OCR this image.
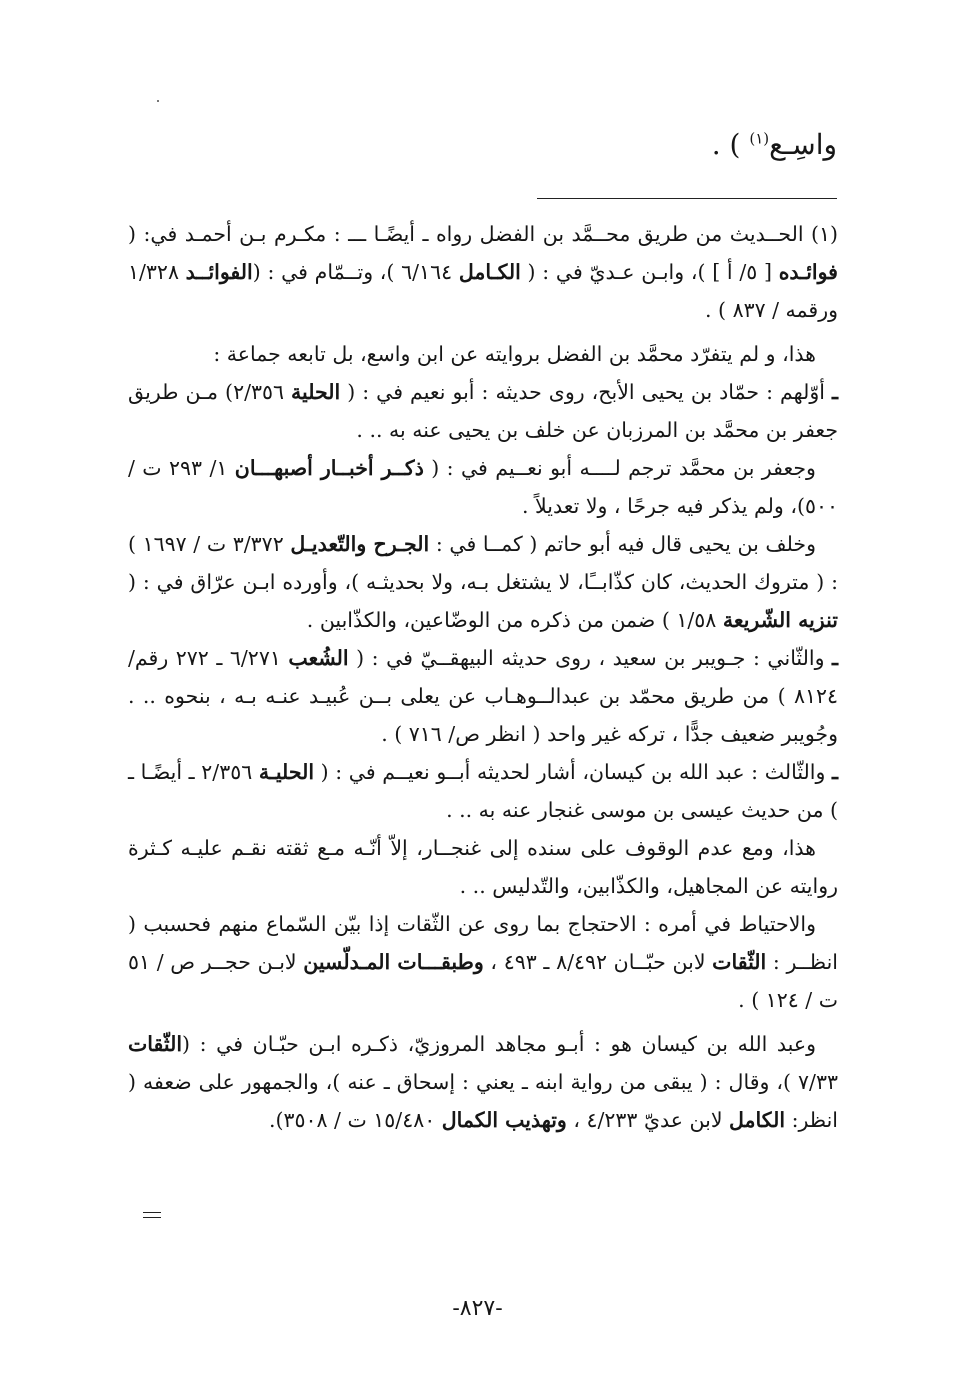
واسِـع$^{(١)}$ ) .

(١) الحــديث من طريق محــمَّد بن الفضل رواه ـ أيضًـا ـــ : مكـرم بـن أحمـد في: ( فوائـده [ ٥/ أ ] )، وابـن عـديّ في : ( الكـامل ٦/١٦٤ )، وتــمّام في : (الفوائــد ١/٣٢٨ ورقمه / ٨٣٧ ) .

هذا، و لم يتفرّد محمَّد بن الفضل بروايته عن ابن واسع، بل تابعه جماعة :

ـ أوّلهم : حمّاد بن يحيى الأبح، روى حديثه : أبو نعيم في : ( الحلية ٢/٣٥٦) مـن طريق جعفر بن محمَّد بن المرزبان عن خلف بن يحيى عنه به .. .

وجعفر بن محمَّد ترجم لــــه أبو نعــيم في : ( ذكــر أخبــار أصبهـــان ١/ ٢٩٣ ت / ٥٠٠)، ولم يذكر فيه جرحًا ، ولا تعديلاً .

وخلف بن يحيى قال فيه أبو حاتم ( كمــا في : الجـرح والتّعديـل ٣/٣٧٢ ت / ١٦٩٧ ) : ( متروك الحديث، كان كذّابــًا، لا يشتغل بـه، ولا بحديثـه )، وأورده ابـن عرّاق في : ( تنزيه الشّريعة ١/٥٨ ) ضمن من ذكره من الوضّاعين، والكذّابين .

ـ والثّاني : جـويبر بن سعيد ، روى حديثه البيهقــيّ في : ( الشُعب ٦/٢٧١ ـ ٢٧٢ رقم/٨١٢٤ ) من طريق محمّد بن عبدالــوهـاب عن يعلى بــن عُبيـد عنـه بـه ، بنحوه .. . وجُويبر ضعيف جدًّا ، تركه غير واحد ( انظر ص/ ٧١٦ ) .

ـ والثّالث : عبد الله بن كيسان، أشار لحديثه أبــو نعيــم في : ( الحليـة ٢/٣٥٦ ـ أيضًـا ـ ) من حديث عيسى بن موسى غنجار عنه به .. .

هذا، ومع عدم الوقوف على سنده إلى غنجــار، إلاّ أنّـه مـع ثقته نقـم عليـه كـثرة روايته عن المجاهيل، والكذّابين، والتّدليس .. .

والاحتياط في أمره : الاحتجاج بما روى عن الثّقات إذا بيّن السّماع منهم فحسبب ( انظــر : الثّقات لابن حبّــان ٨/٤٩٢ ـ ٤٩٣ ، وطبقـــات المـدلّسين لابـن حجــر ص / ٥١ ت / ١٢٤ ) .

وعبد الله بن كيسان هو : أبـو مجاهد المروزيّ، ذكـره ابـن حبّـان في : (الثّقات ٧/٣٣ )، وقال : ( يبقى من رواية ابنه ـ يعني : إسحاق ـ عنه )، والجمهور على ضعفه ( انظر: الكامل لابن عديّ ٤/٢٣٣ ، وتهذيب الكمال ١٥/٤٨٠ ت / ٣٥٠٨).

-٨٢٧-
